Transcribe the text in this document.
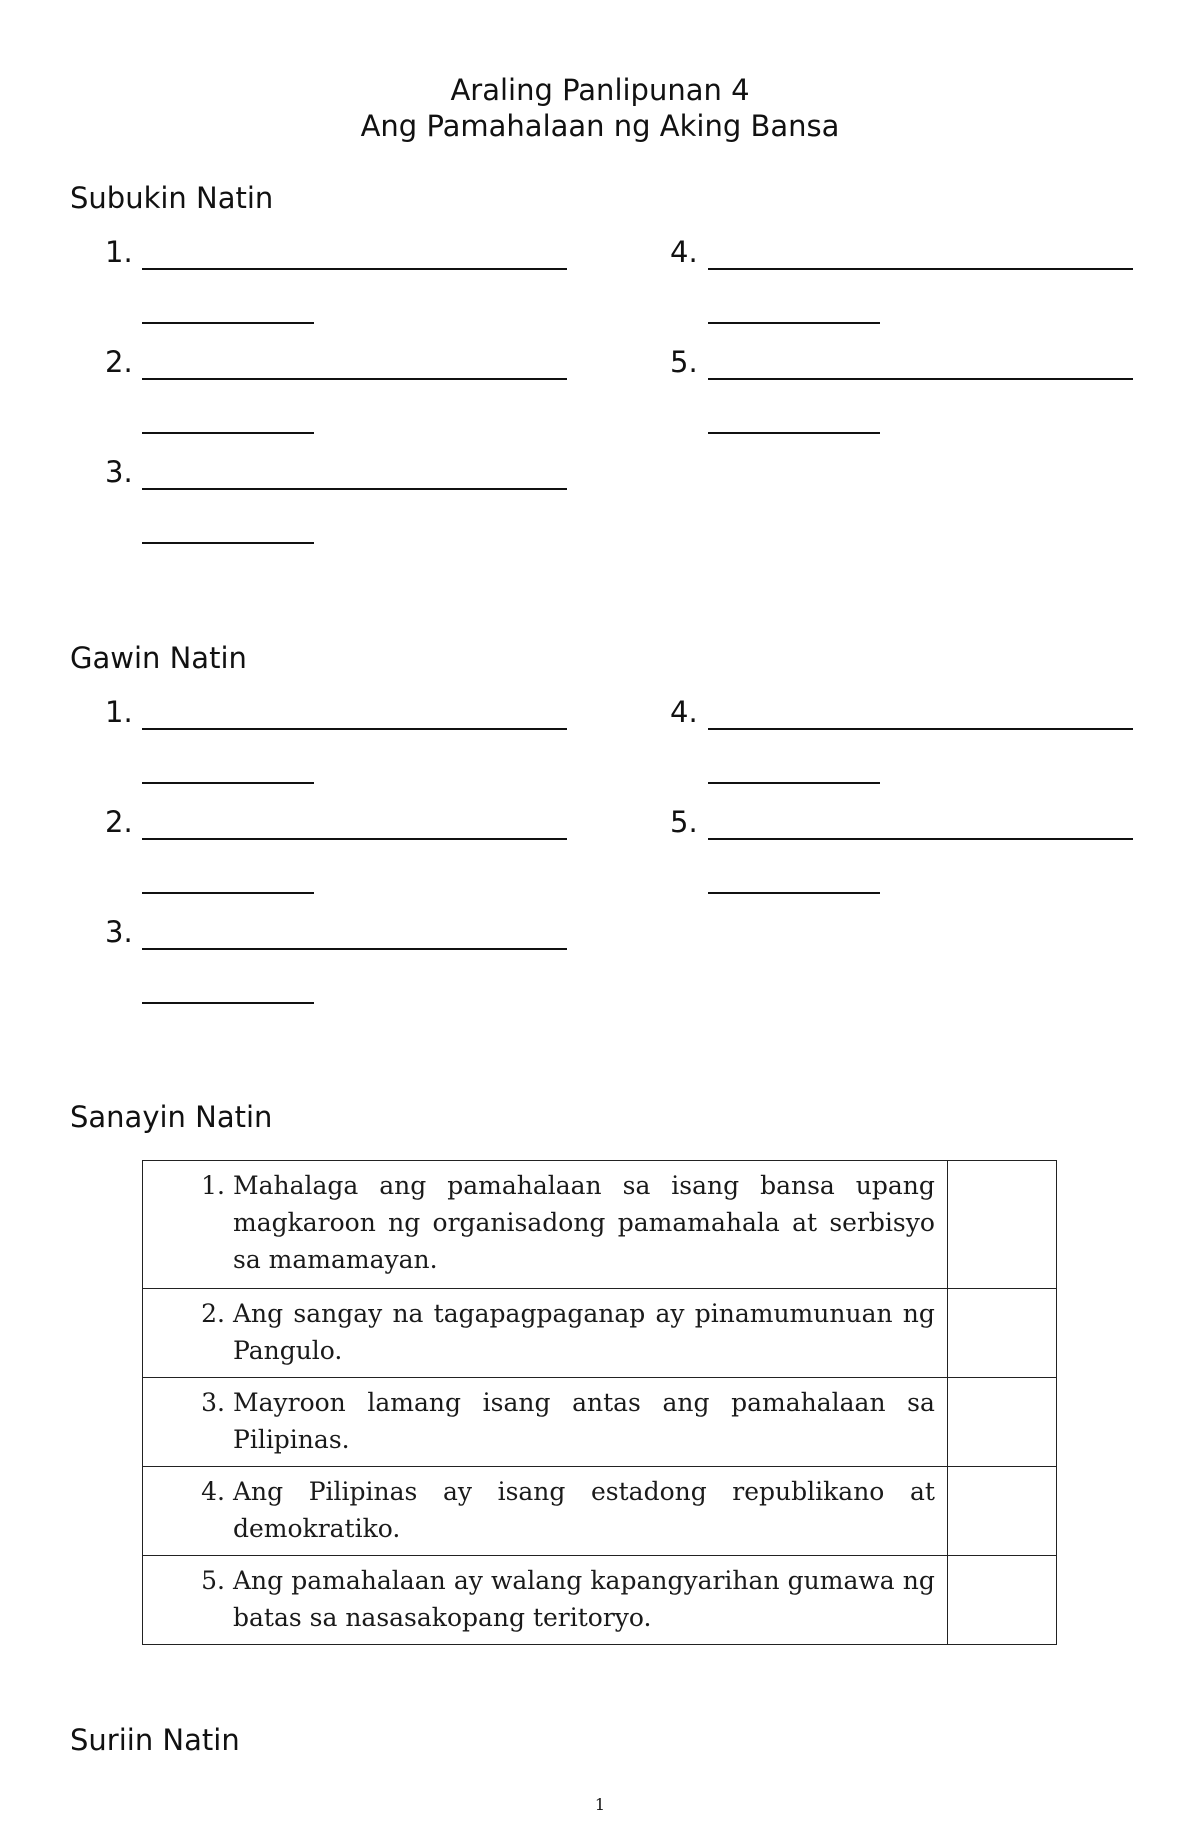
Araling Panlipunan 4
Ang Pamahalaan ng Aking Bansa
Subukin Natin
1.
2.
3.
4.
5.
Gawin Natin
1.
2.
3.
4.
5.
Sanayin Natin
1. Mahalaga ang pamahalaan sa isang bansa upang magkaroon ng organisadong pamamahala at serbisyo sa mamamayan.	

2. Ang sangay na tagapagpaganap ay pinamumunuan ng Pangulo.	

3. Mayroon lamang isang antas ang pamahalaan sa Pilipinas.	

4. Ang Pilipinas ay isang estadong republikano at demokratiko.	

5. Ang pamahalaan ay walang kapangyarihan gumawa ng batas sa nasasakopang teritoryo.	

Suriin Natin
1
